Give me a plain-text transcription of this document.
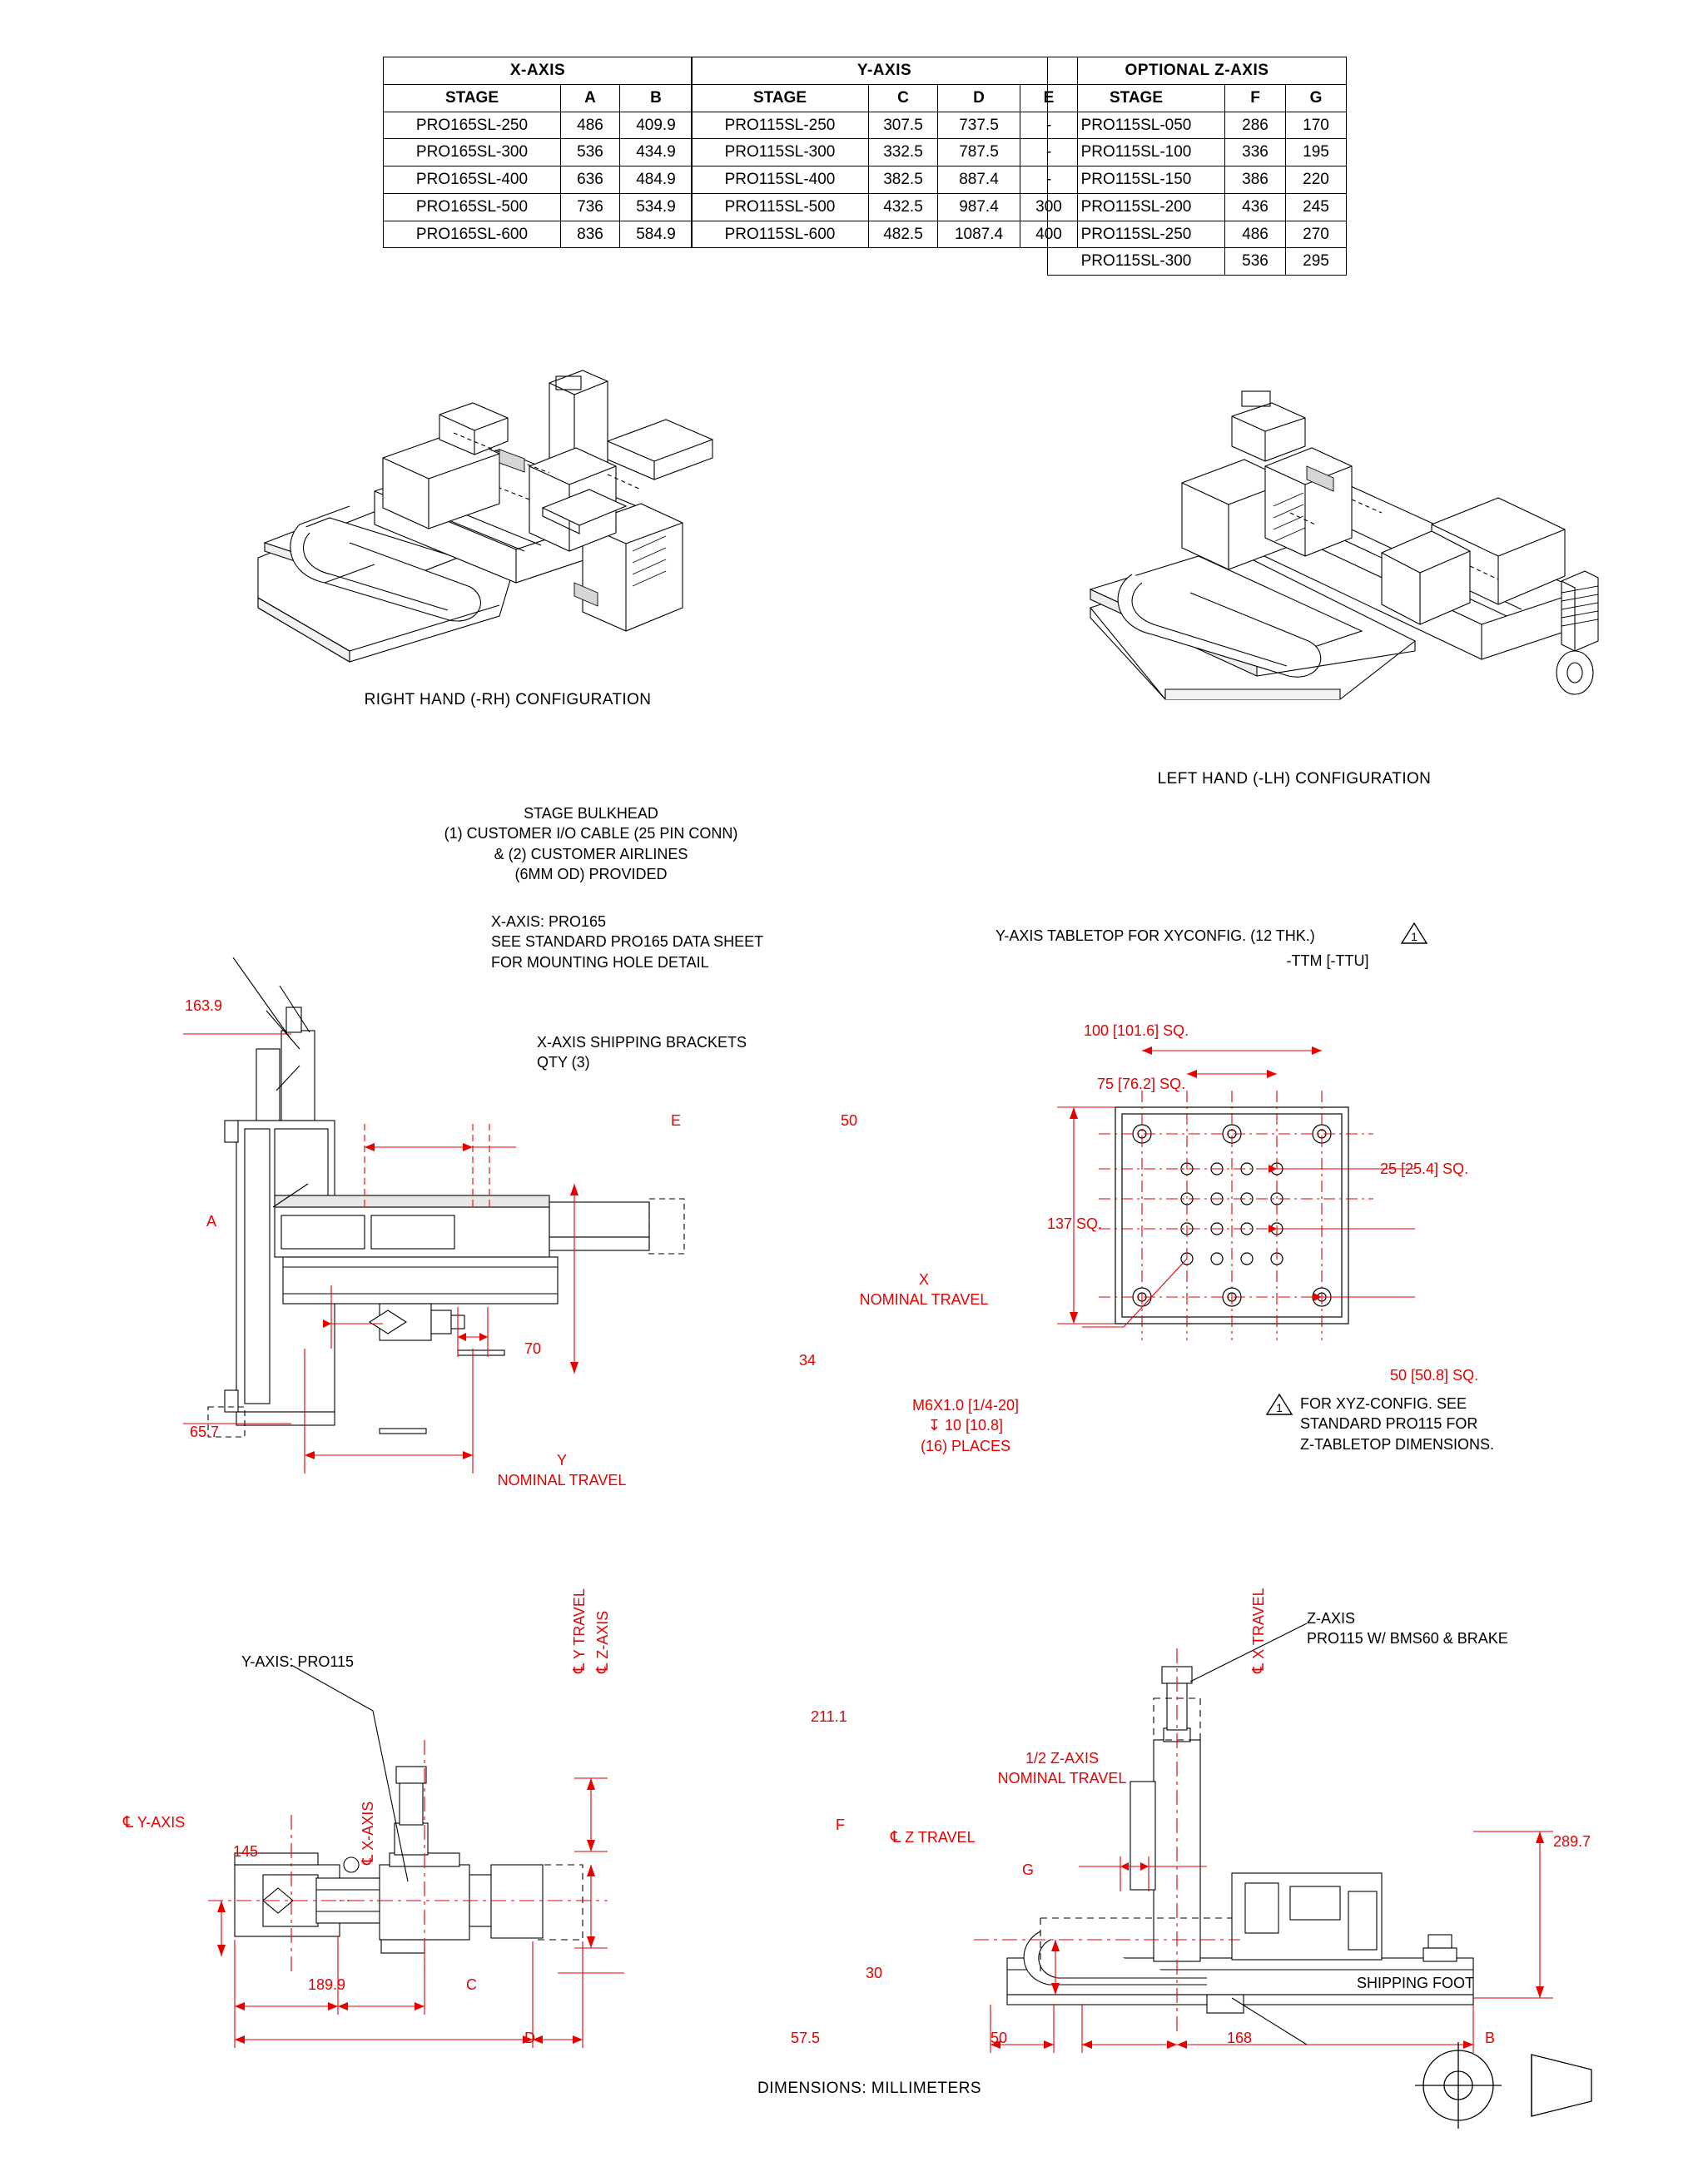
X-AXIS		
STAGE	A	B
PRO165SL-250	486	409.9
PRO165SL-300	536	434.9
PRO165SL-400	636	484.9
PRO165SL-500	736	534.9
PRO165SL-600	836	584.9
Y-AXIS			
STAGE	C	D	E
PRO115SL-250	307.5	737.5	-
PRO115SL-300	332.5	787.5	-
PRO115SL-400	382.5	887.4	-
PRO115SL-500	432.5	987.4	300
PRO115SL-600	482.5	1087.4	400
OPTIONAL Z-AXIS		
STAGE	F	G
PRO115SL-050	286	170
PRO115SL-100	336	195
PRO115SL-150	386	220
PRO115SL-200	436	245
PRO115SL-250	486	270
PRO115SL-300	536	295
RIGHT HAND (-RH) CONFIGURATION
LEFT HAND (-LH) CONFIGURATION
STAGE BULKHEAD
(1) CUSTOMER I/O CABLE (25 PIN CONN)
& (2) CUSTOMER AIRLINES
(6MM OD) PROVIDED
X-AXIS: PRO165
SEE STANDARD PRO165 DATA SHEET
FOR MOUNTING HOLE DETAIL
X-AXIS SHIPPING BRACKETS
QTY (3)
163.9
65.7
A
E	50
70
34
X
NOMINAL TRAVEL
Y
NOMINAL TRAVEL
Y-AXIS TABLETOP FOR XYCONFIG. (12 THK.)	1
-TTM [-TTU]
100 [101.6] SQ.
75 [76.2] SQ.
137 SQ.
25 [25.4] SQ.
50 [50.8] SQ.
M6X1.0 [1/4-20]
↧ 10 [10.8]
(16) PLACES
1 FOR XYZ-CONFIG. SEE
STANDARD PRO115 FOR
Z-TABLETOP DIMENSIONS.
Y-AXIS: PRO115
℄ Y-AXIS
℄ X-AXIS
℄ Y TRAVEL
℄ Z-AXIS
211.1
F
30
145
189.9	C
D	57.5
Z-AXIS
PRO115 W/ BMS60 & BRAKE
1/2 Z-AXIS
NOMINAL TRAVEL
℄ Z TRAVEL
℄ X TRAVEL
SHIPPING FOOT
289.7
G
50	168	B
DIMENSIONS: MILLIMETERS
